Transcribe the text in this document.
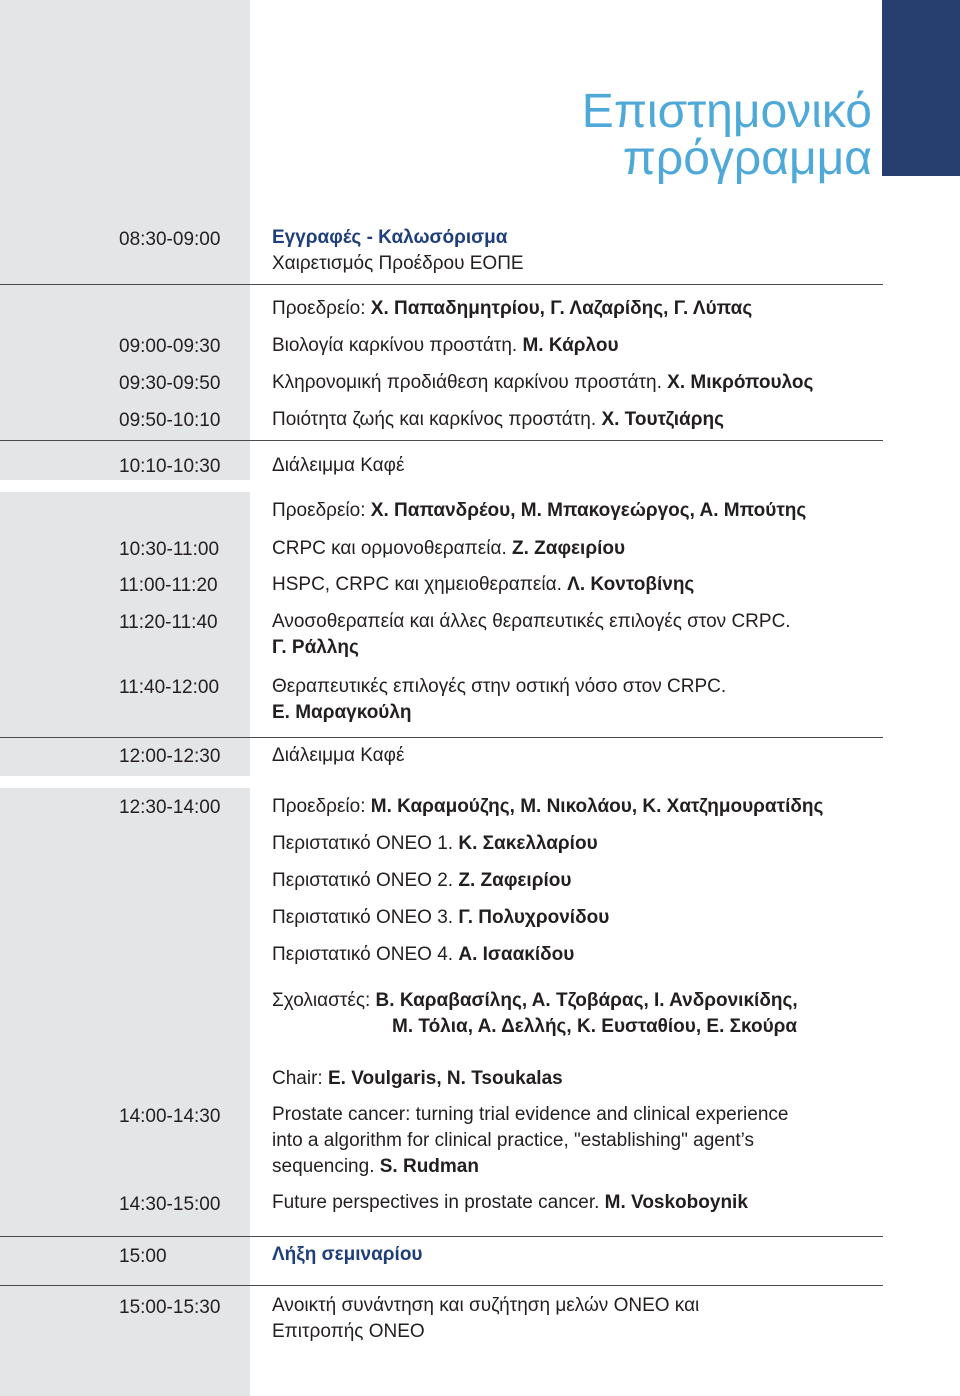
Επιστημονικό
πρόγραμμα
08:30-09:00	Εγγραφές - Καλωσόρισμα
Χαιρετισμός Προέδρου ΕΟΠΕ
Προεδρείο: Χ. Παπαδημητρίου, Γ. Λαζαρίδης, Γ. Λύπας
09:00-09:30	Βιολογία καρκίνου προστάτη. Μ. Κάρλου
09:30-09:50	Κληρονομική προδιάθεση καρκίνου προστάτη. Χ. Μικρόπουλος
09:50-10:10	Ποιότητα ζωής και καρκίνος προστάτη. Χ. Τουτζιάρης
10:10-10:30	Διάλειμμα Καφέ
Προεδρείο: Χ. Παπανδρέου, Μ. Μπακογεώργος, Α. Μπούτης
10:30-11:00	CRPC και ορμονοθεραπεία. Ζ. Ζαφειρίου
11:00-11:20	HSPC, CRPC και χημειοθεραπεία. Λ. Κοντοβίνης
11:20-11:40	Ανοσοθεραπεία και άλλες θεραπευτικές επιλογές στον CRPC.
Γ. Ράλλης
11:40-12:00	Θεραπευτικές επιλογές στην οστική νόσο στον CRPC.
Ε. Μαραγκούλη
12:00-12:30	Διάλειμμα Καφέ
12:30-14:00	Προεδρείο: Μ. Καραμούζης, Μ. Νικολάου, Κ. Χατζημουρατίδης
Περιστατικό ΟΝΕΟ 1. Κ. Σακελλαρίου
Περιστατικό ΟΝΕΟ 2. Ζ. Ζαφειρίου
Περιστατικό ΟΝΕΟ 3. Γ. Πολυχρονίδου
Περιστατικό ΟΝΕΟ 4. Α. Ισαακίδου
Σχολιαστές: Β. Καραβασίλης, Α. Τζοβάρας, Ι. Ανδρονικίδης,
Μ. Τόλια, Α. Δελλής, Κ. Ευσταθίου, Ε. Σκούρα
Chair: E. Voulgaris, N. Tsoukalas
14:00-14:30	Prostate cancer: turning trial evidence and clinical experience
into a algorithm for clinical practice, "establishing" agent’s
sequencing. S. Rudman
14:30-15:00	Future perspectives in prostate cancer. M. Voskoboynik
15:00	Λήξη σεμιναρίου
15:00-15:30	Ανοικτή συνάντηση και συζήτηση μελών ΟΝΕΟ και
Επιτροπής ΟΝΕΟ
